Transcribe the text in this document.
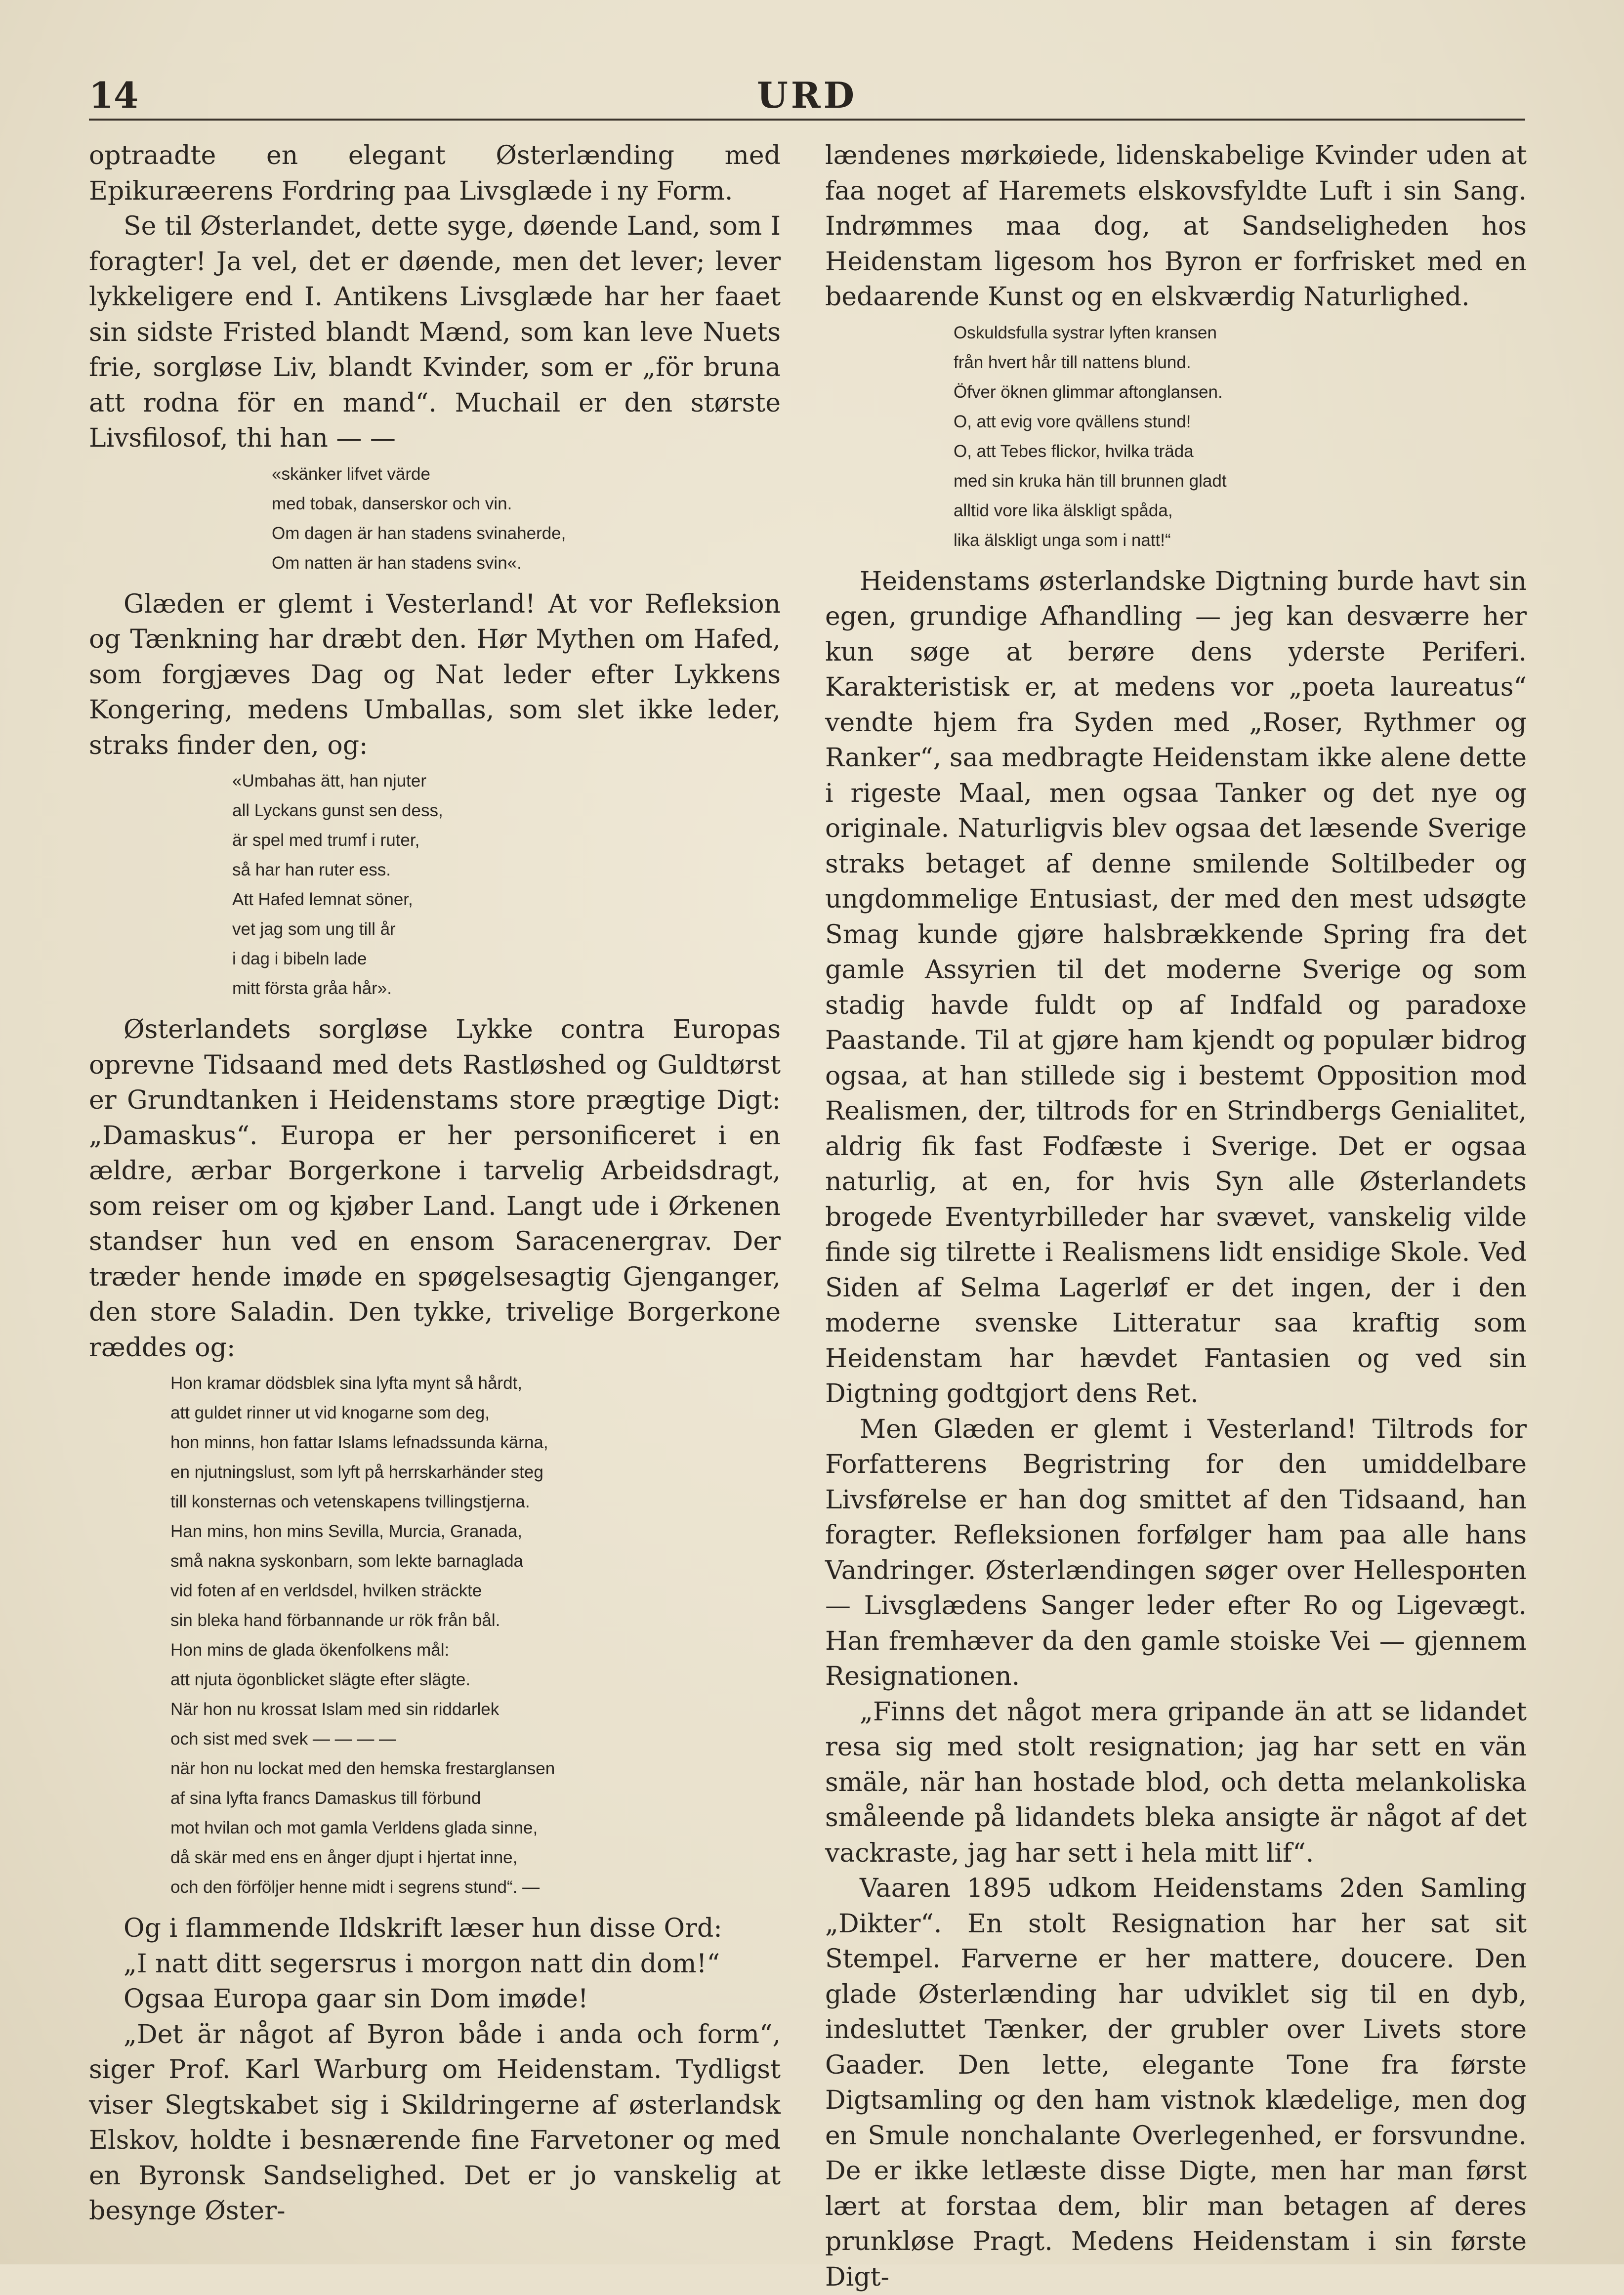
14	URD

optraadte en elegant Østerlænding med Epikuræerens Fordring paa Livsglæde i ny Form.

Se til Østerlandet, dette syge, døende Land, som I foragter! Ja vel, det er døende, men det lever; lever lykkeligere end I. Antikens Livsglæde har her faaet sin sidste Fristed blandt Mænd, som kan leve Nuets frie, sorgløse Liv, blandt Kvinder, som er „för bruna att rodna för en mand“. Muchail er den største Livsfilosof, thi han — —

«skänker lifvet värde
med tobak, danserskor och vin.
Om dagen är han stadens svinaherde,
Om natten är han stadens svin«.

Glæden er glemt i Vesterland! At vor Refleksion og Tænkning har dræbt den. Hør Mythen om Hafed, som forgjæves Dag og Nat leder efter Lykkens Kongering, medens Umballas, som slet ikke leder, straks finder den, og:

«Umbahas ätt, han njuter
all Lyckans gunst sen dess,
är spel med trumf i ruter,
så har han ruter ess.
Att Hafed lemnat söner,
vet jag som ung till år
i dag i bibeln lade
mitt första gråa hår».

Østerlandets sorgløse Lykke contra Europas oprevne Tidsaand med dets Rastløshed og Guldtørst er Grundtanken i Heidenstams store prægtige Digt: „Damaskus“. Europa er her personificeret i en ældre, ærbar Borgerkone i tarvelig Arbeidsdragt, som reiser om og kjøber Land. Langt ude i Ørkenen standser hun ved en ensom Saracenergrav. Der træder hende imøde en spøgelsesagtig Gjenganger, den store Saladin. Den tykke, trivelige Borgerkone ræddes og:

Hon kramar dödsblek sina lyfta mynt så hårdt,
att guldet rinner ut vid knogarne som deg,
hon minns, hon fattar Islams lefnadssunda kärna,
en njutningslust, som lyft på herrskarhänder steg
till konsternas och vetenskapens tvillingstjerna.
Han mins, hon mins Sevilla, Murcia, Granada,
små nakna syskonbarn, som lekte barnaglada
vid foten af en verldsdel, hvilken sträckte
sin bleka hand förbannande ur rök från bål.
Hon mins de glada ökenfolkens mål:
att njuta ögonblicket slägte efter slägte.
När hon nu krossat Islam med sin riddarlek
och sist med svek — — — —
när hon nu lockat med den hemska frestarglansen
af sina lyfta francs Damaskus till förbund
mot hvilan och mot gamla Verldens glada sinne,
då skär med ens en ånger djupt i hjertat inne,
och den förföljer henne midt i segrens stund“. —

Og i flammende Ildskrift læser hun disse Ord:

„I natt ditt segersrus i morgon natt din dom!“

Ogsaa Europa gaar sin Dom imøde!

„Det är något af Byron både i anda och form“, siger Prof. Karl Warburg om Heidenstam. Tydligst viser Slegtskabet sig i Skildringerne af østerlandsk Elskov, holdte i besnærende fine Farvetoner og med en Byronsk Sandselighed. Det er jo vanskelig at besynge Øster-

lændenes mørkøiede, lidenskabelige Kvinder uden at faa noget af Haremets elskovsfyldte Luft i sin Sang. Indrømmes maa dog, at Sandseligheden hos Heidenstam ligesom hos Byron er forfriskеt med en bedaarende Kunst og en elskværdig Naturlighed.

Oskuldsfulla systrar lyften kransen
från hvert hår till nattens blund.
Öfver öknen glimmar aftonglansen.
O, att evig vore qvällens stund!
O, att Tebes flickor, hvilka träda
med sin kruka hän till brunnen gladt
alltid vore lika älskligt spåda,
lika älskligt unga som i natt!“

Heidenstams østerlandske Digtning burde havt sin egen, grundige Afhandling — jeg kan desværre her kun søge at berøre dens yderste Periferi. Karakteristisk er, at medens vor „poeta laureatus“ vendte hjem fra Syden med „Roser, Rythmer og Ranker“, saa medbragte Heidenstam ikke alene dette i rigeste Maal, men ogsaa Tanker og det nye og originale. Naturligvis blev ogsaa det læsende Sverige straks betaget af denne smilende Soltilbeder og ungdommelige Entusiast, der med den mest udsøgte Smag kunde gjøre halsbrækkende Spring fra det gamle Assyrien til det moderne Sverige og som stadig havde fuldt op af Indfald og paradoxe Paastande. Til at gjøre ham kjendt og populær bidrog ogsaa, at han stillede sig i bestemt Opposition mod Realismen, der, tiltrods for en Strindbergs Genialitet, aldrig fik fast Fodfæste i Sverige. Det er ogsaa naturlig, at en, for hvis Syn alle Østerlandets brogede Eventyrbilleder har svævet, vanskelig vilde finde sig tilrette i Realismens lidt ensidige Skole. Ved Siden af Selma Lagerløf er det ingen, der i den moderne svenske Litteratur saa kraftig som Heidenstam har hævdet Fantasien og ved sin Digtning godtgjort dens Ret.

Men Glæden er glemt i Vesterland! Tiltrods for Forfatterens Begristring for den umiddelbare Livsførelse er han dog smittet af den Tidsaand, han foragter. Refleksionen forfølger ham paa alle hans Vandringer. Østerlændingen søger over Hellespонten — Livsglædens Sanger leder efter Ro og Ligevægt. Han fremhæver da den gamle stoiske Vei — gjennem Resignationen.

„Finns det något mera gripande än att se lidandet resa sig med stolt resignation; jag har sett en vän smäle, när han hostade blod, och detta melankoliska småleende på lidandets bleka ansigte är något af det vackraste, jag har sett i hela mitt lif“.

Vaaren 1895 udkom Heidenstams 2den Samling „Dikter“. En stolt Resignation har her sat sit Stempel. Farverne er her mattere, doucere. Den glade Østerlænding har udviklet sig til en dyb, indesluttet Tænker, der grubler over Livets store Gaader. Den lette, elegante Tone fra første Digtsamling og den ham vistnok klædelige, men dog en Smule nonchalante Overlegenhed, er forsvundne. De er ikke letlæste disse Digte, men har man først lært at forstaa dem, blir man betagen af deres prunkløse Pragt. Medens Heidenstam i sin første Digt-
